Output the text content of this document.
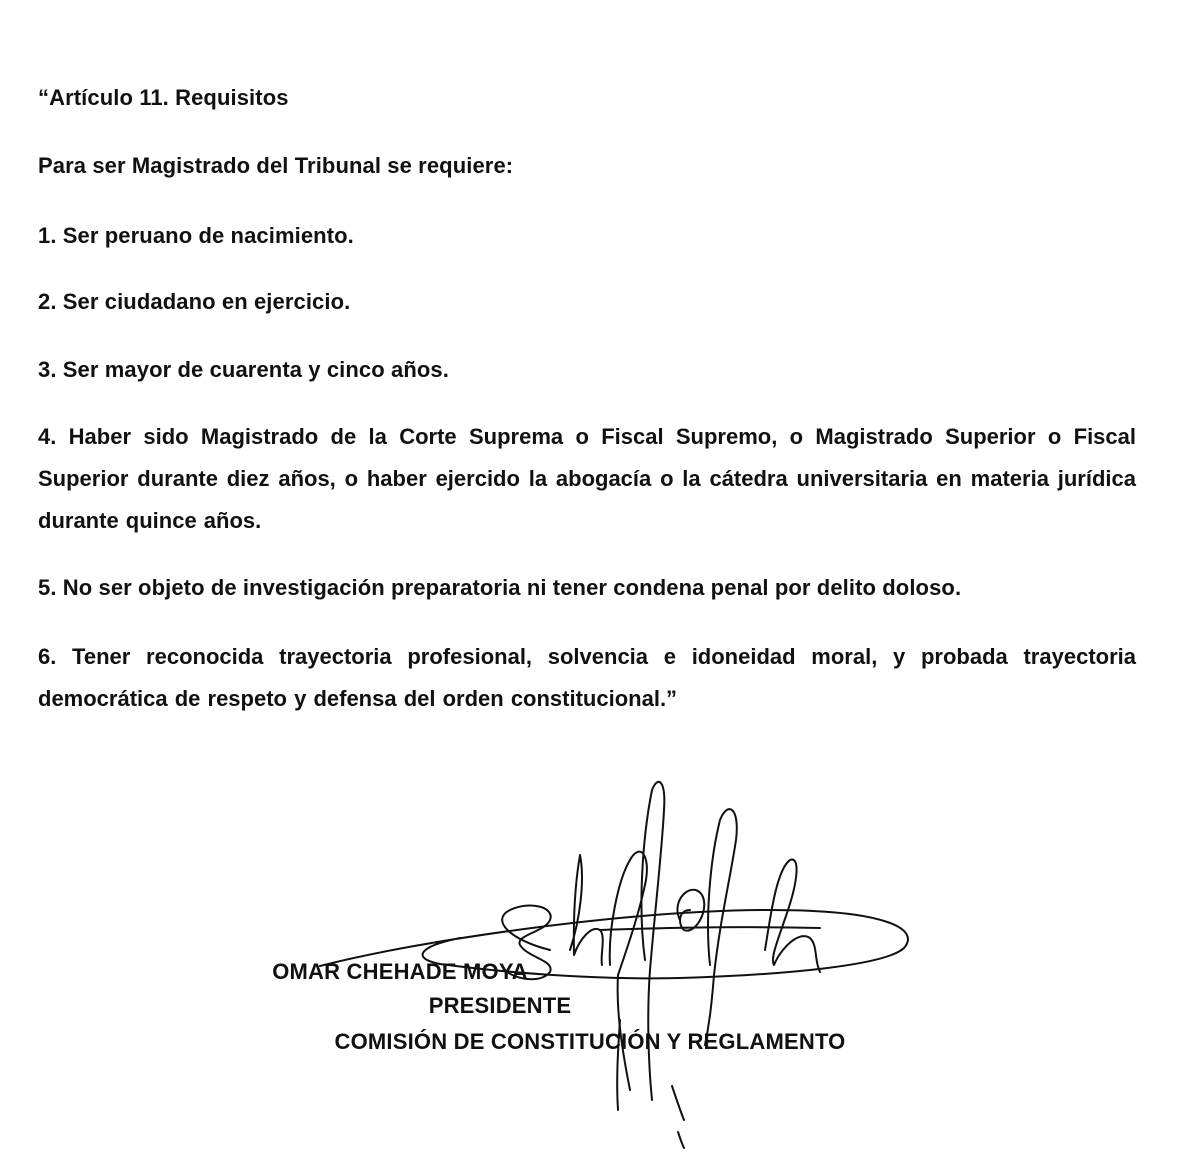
“Artículo 11. Requisitos
Para ser Magistrado del Tribunal se requiere:
1. Ser peruano de nacimiento.
2. Ser ciudadano en ejercicio.
3. Ser mayor de cuarenta y cinco años.
4. Haber sido Magistrado de la Corte Suprema o Fiscal Supremo, o Magistrado Superior o Fiscal Superior durante diez años, o haber ejercido la abogacía o la cátedra universitaria en materia jurídica durante quince años.
5. No ser objeto de investigación preparatoria ni tener condena penal por delito doloso.
6. Tener reconocida trayectoria profesional, solvencia e idoneidad moral, y probada trayectoria democrática de respeto y defensa del orden constitucional.”
OMAR CHEHADE MOYA
PRESIDENTE
COMISIÓN DE CONSTITUCIÓN Y REGLAMENTO
